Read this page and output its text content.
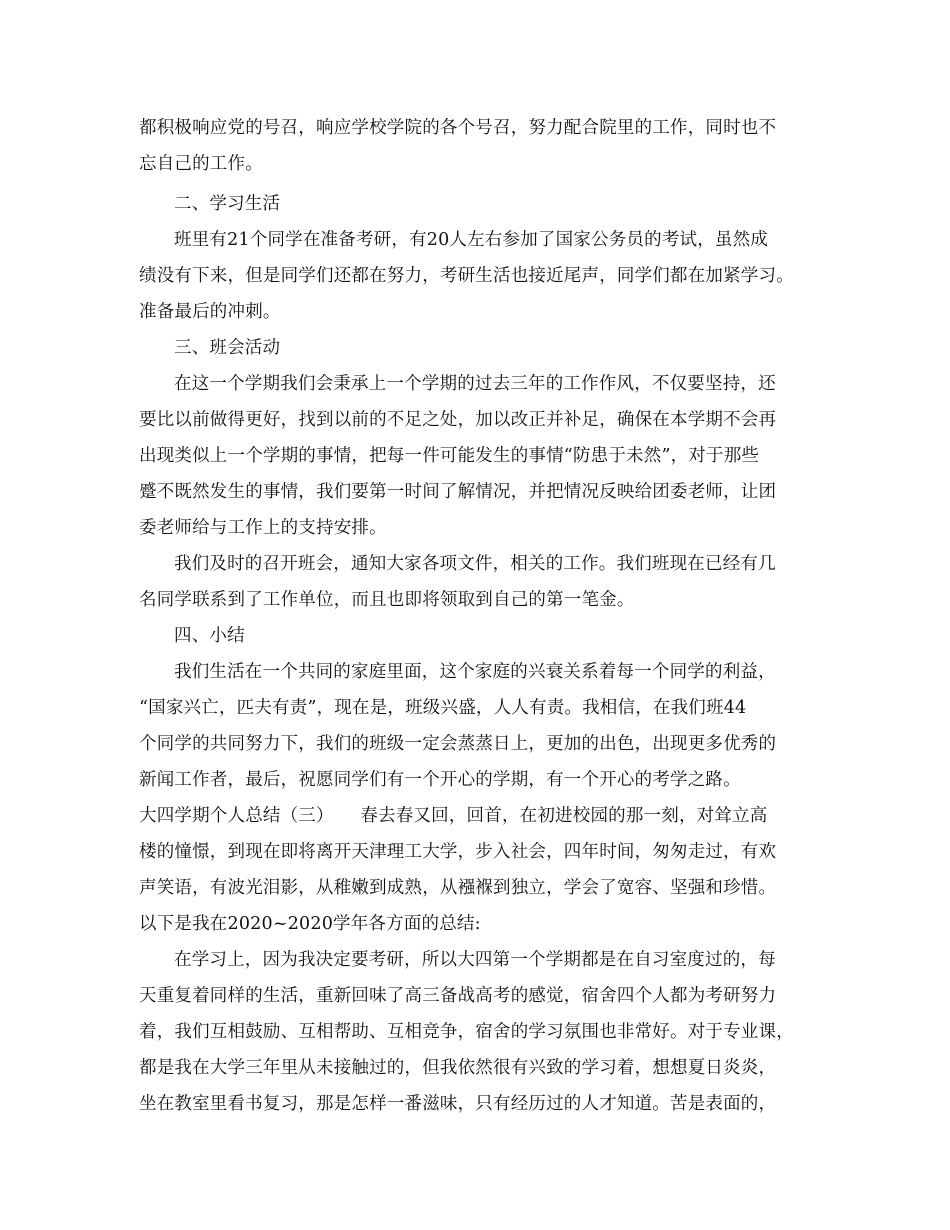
都积极响应党的号召，响应学校学院的各个号召，努力配合院里的工作，同时也不
忘自己的工作。
二、学习生活
班里有21个同学在准备考研，有20人左右参加了国家公务员的考试，虽然成
绩没有下来，但是同学们还都在努力，考研生活也接近尾声，同学们都在加紧学习。
准备最后的冲刺。
三、班会活动
在这一个学期我们会秉承上一个学期的过去三年的工作作风，不仅要坚持，还
要比以前做得更好，找到以前的不足之处，加以改正并补足，确保在本学期不会再
出现类似上一个学期的事情，把每一件可能发生的事情“防患于未然”，对于那些
蹙不既然发生的事情，我们要第一时间了解情况，并把情况反映给团委老师，让团
委老师给与工作上的支持安排。
我们及时的召开班会，通知大家各项文件，相关的工作。我们班现在已经有几
名同学联系到了工作单位，而且也即将领取到自己的第一笔金。
四、小结
我们生活在一个共同的家庭里面，这个家庭的兴衰关系着每一个同学的利益，
“国家兴亡，匹夫有责”，现在是，班级兴盛，人人有责。我相信，在我们班44
个同学的共同努力下，我们的班级一定会蒸蒸日上，更加的出色，出现更多优秀的
新闻工作者，最后，祝愿同学们有一个开心的学期，有一个开心的考学之路。
大四学期个人总结（三）　　春去春又回，回首，在初进校园的那一刻，对耸立高
楼的憧憬，到现在即将离开天津理工大学，步入社会，四年时间，匆匆走过，有欢
声笑语，有波光泪影，从稚嫩到成熟，从襁褓到独立，学会了宽容、坚强和珍惜。
以下是我在2020~2020学年各方面的总结:
在学习上，因为我决定要考研，所以大四第一个学期都是在自习室度过的，每
天重复着同样的生活，重新回味了高三备战高考的感觉，宿舍四个人都为考研努力
着，我们互相鼓励、互相帮助、互相竞争，宿舍的学习氛围也非常好。对于专业课，
都是我在大学三年里从未接触过的，但我依然很有兴致的学习着，想想夏日炎炎，
坐在教室里看书复习，那是怎样一番滋味，只有经历过的人才知道。苦是表面的，
